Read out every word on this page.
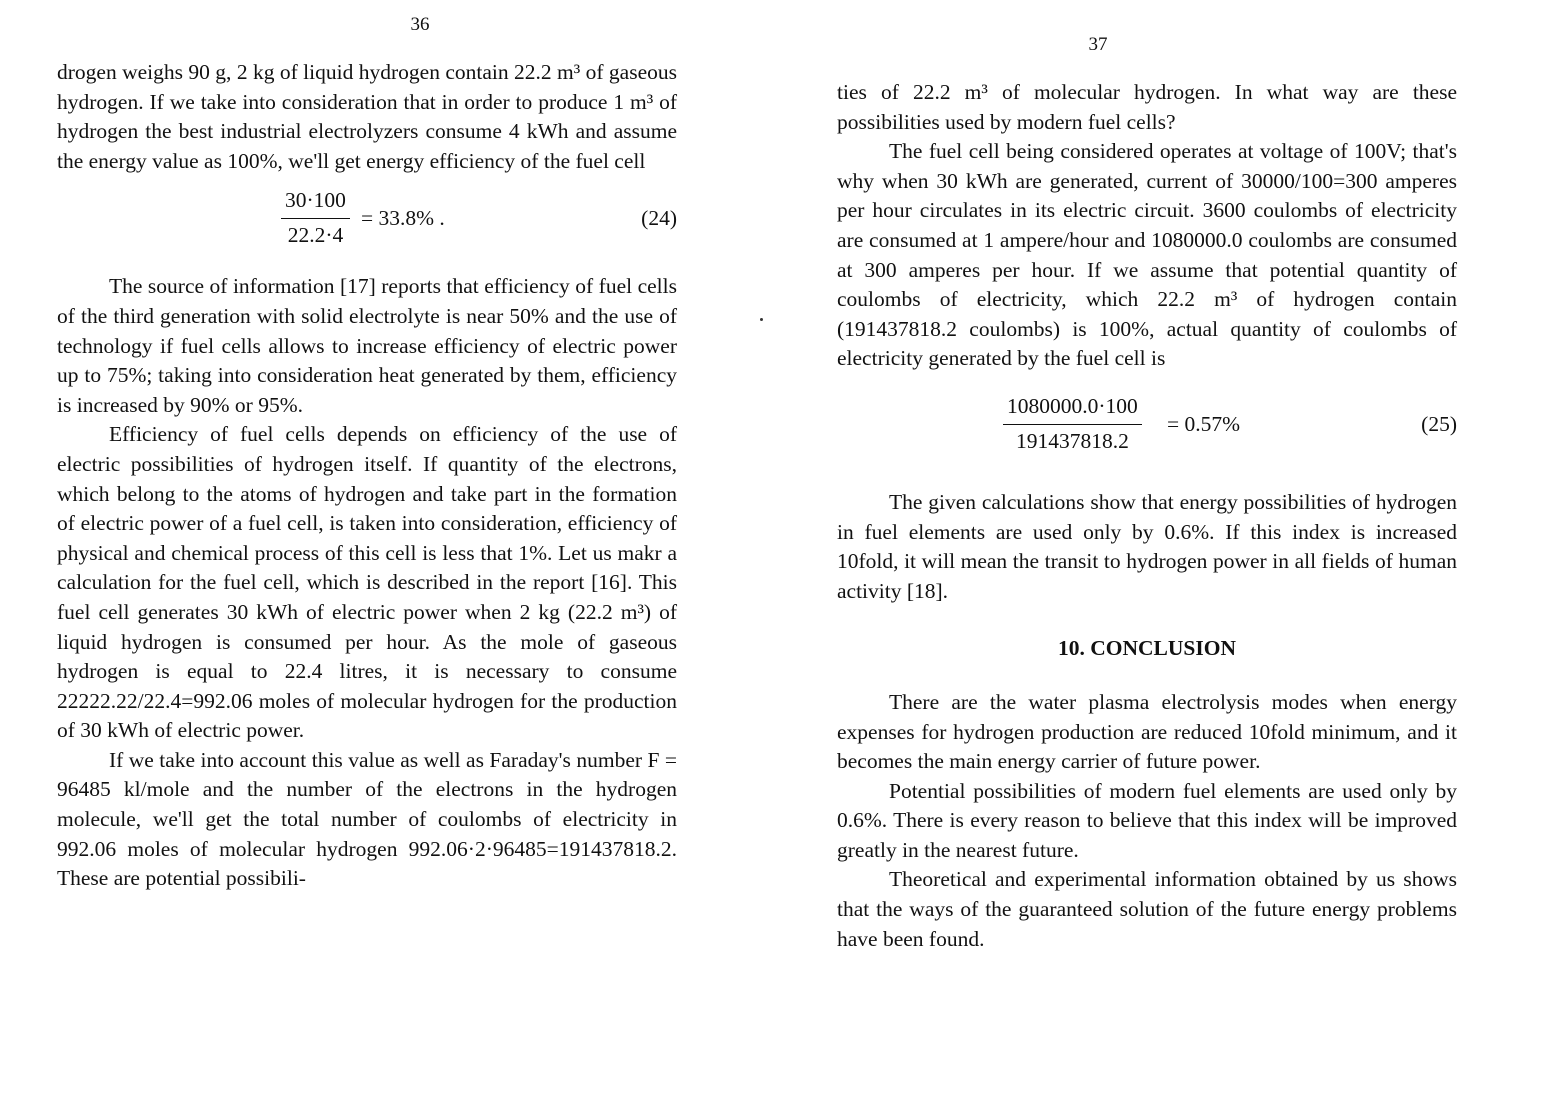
36

drogen weighs 90 g, 2 kg of liquid hydrogen contain 22.2 m³ of gaseous hydrogen. If we take into consideration that in order to produce 1 m³ of hydrogen the best industrial electrolyzers consume 4 kWh and assume the energy value as 100%, we'll get energy efficiency of the fuel cell

$\frac{30\cdot 100}{22.2\cdot 4} = 33.8\%$ .	(24)

The source of information [17] reports that efficiency of fuel cells of the third generation with solid electrolyte is near 50% and the use of technology if fuel cells allows to increase efficiency of electric power up to 75%; taking into consideration heat generated by them, efficiency is increased by 90% or 95%.

Efficiency of fuel cells depends on efficiency of the use of electric possibilities of hydrogen itself. If quantity of the electrons, which belong to the atoms of hydrogen and take part in the formation of electric power of a fuel cell, is taken into consideration, efficiency of physical and chemical process of this cell is less that 1%. Let us makr a calculation for the fuel cell, which is described in the report [16]. This fuel cell generates 30 kWh of electric power when 2 kg (22.2 m³) of liquid hydrogen is consumed per hour. As the mole of gaseous hydrogen is equal to 22.4 litres, it is necessary to consume 22222.22/22.4=992.06 moles of molecular hydrogen for the production of 30 kWh of electric power.

If we take into account this value as well as Faraday's number F = 96485 kl/mole and the number of the electrons in the hydrogen molecule, we'll get the total number of coulombs of electricity in 992.06 moles of molecular hydrogen 992.06·2·96485=191437818.2. These are potential possibili-

37

ties of 22.2 m³ of molecular hydrogen. In what way are these possibilities used by modern fuel cells?

The fuel cell being considered operates at voltage of 100V; that's why when 30 kWh are generated, current of 30000/100=300 amperes per hour circulates in its electric circuit. 3600 coulombs of electricity are consumed at 1 ampere/hour and 1080000.0 coulombs are consumed at 300 amperes per hour. If we assume that potential quantity of coulombs of electricity, which 22.2 m³ of hydrogen contain (191437818.2 coulombs) is 100%, actual quantity of coulombs of electricity generated by the fuel cell is

$\frac{1080000.0\cdot 100}{191437818.2} = 0.57\%$	(25)

The given calculations show that energy possibilities of hydrogen in fuel elements are used only by 0.6%. If this index is increased 10fold, it will mean the transit to hydrogen power in all fields of human activity [18].

10. CONCLUSION

There are the water plasma electrolysis modes when energy expenses for hydrogen production are reduced 10fold minimum, and it becomes the main energy carrier of future power.

Potential possibilities of modern fuel elements are used only by 0.6%. There is every reason to believe that this index will be improved greatly in the nearest future.

Theoretical and experimental information obtained by us shows that the ways of the guaranteed solution of the future energy problems have been found.
